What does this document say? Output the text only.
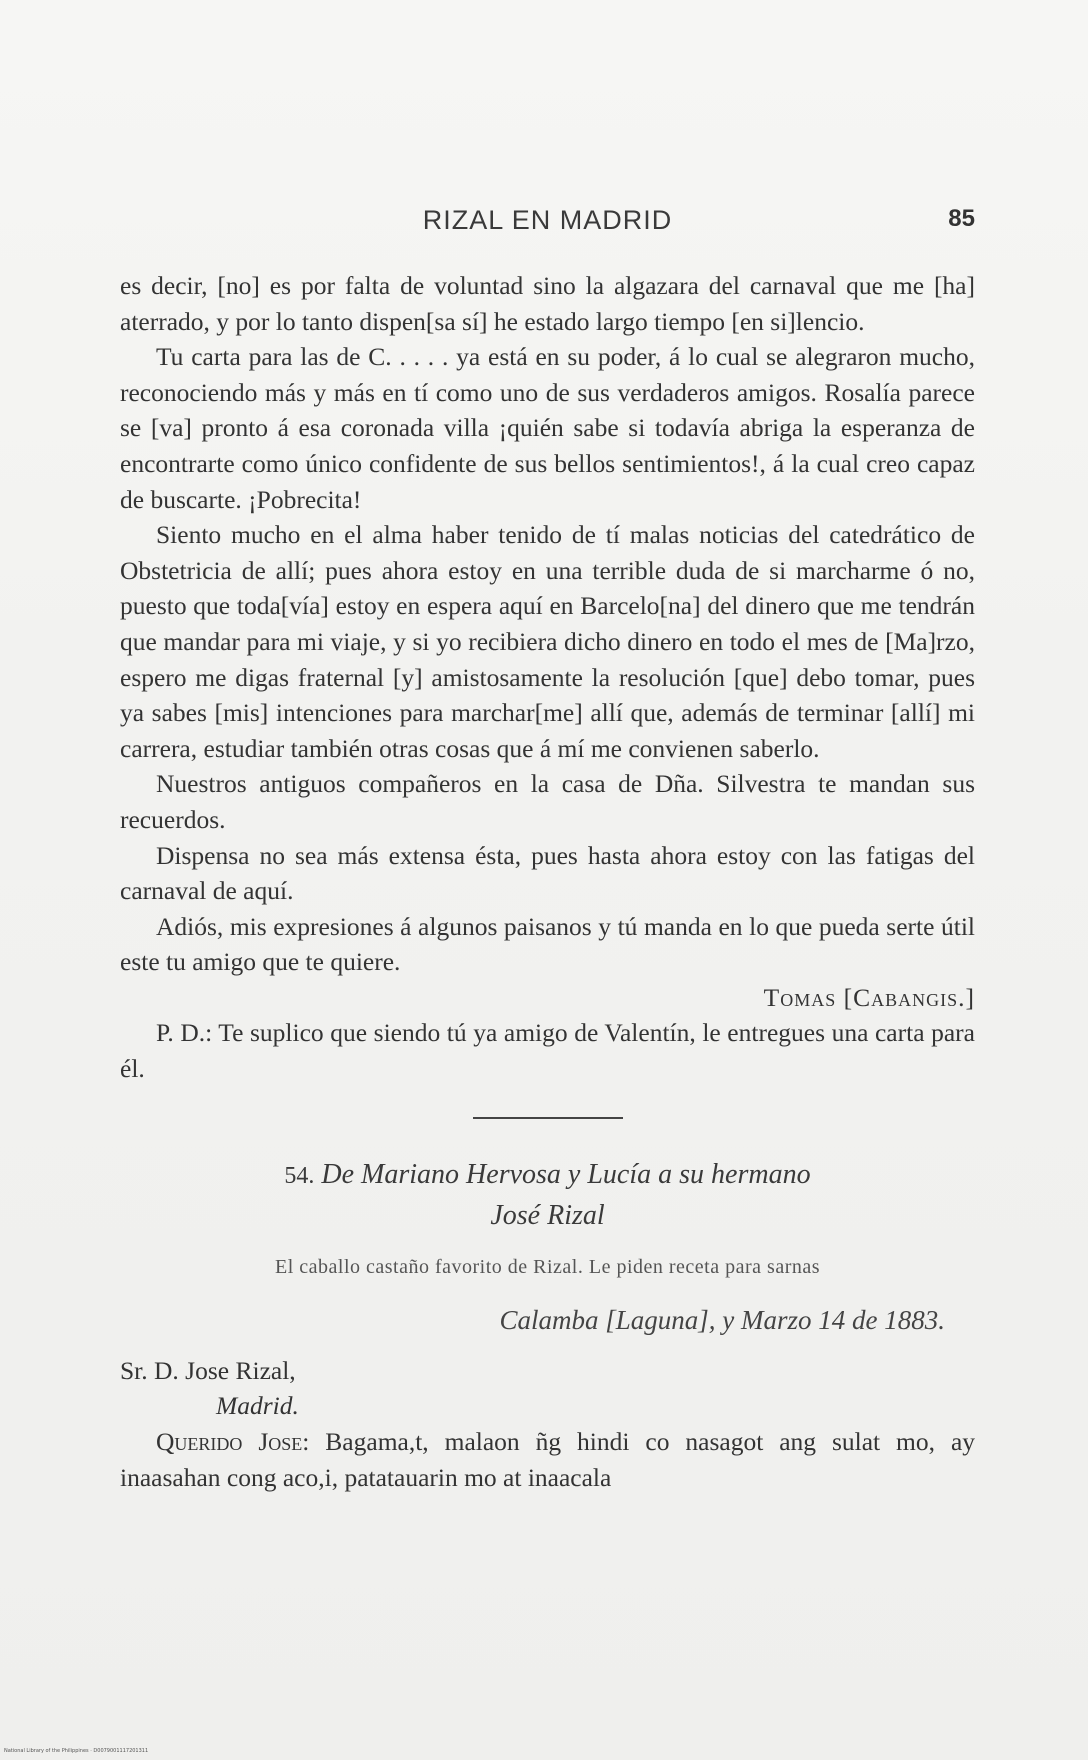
RIZAL EN MADRID	85

es decir, [no] es por falta de voluntad sino la algazara del carnaval que me [ha] aterrado, y por lo tanto dispen[sa sí] he estado largo tiempo [en si]lencio.

Tu carta para las de C. . . . . ya está en su poder, á lo cual se alegraron mucho, reconociendo más y más en tí como uno de sus verdaderos amigos. Rosalía parece se [va] pronto á esa coronada villa ¡quién sabe si todavía abriga la esperanza de encontrarte como único confidente de sus bellos sentimientos!, á la cual creo capaz de buscarte. ¡Pobrecita!

Siento mucho en el alma haber tenido de tí malas noticias del catedrático de Obstetricia de allí; pues ahora estoy en una terrible duda de si marcharme ó no, puesto que toda[vía] estoy en espera aquí en Barcelo[na] del dinero que me tendrán que mandar para mi viaje, y si yo recibiera dicho dinero en todo el mes de [Ma]rzo, espero me digas fraternal [y] amistosamente la resolución [que] debo tomar, pues ya sabes [mis] intenciones para marchar[me] allí que, además de terminar [allí] mi carrera, estudiar también otras cosas que á mí me convienen saberlo.

Nuestros antiguos compañeros en la casa de Dña. Silvestra te mandan sus recuerdos.

Dispensa no sea más extensa ésta, pues hasta ahora estoy con las fatigas del carnaval de aquí.

Adiós, mis expresiones á algunos paisanos y tú manda en lo que pueda serte útil este tu amigo que te quiere.

Tomas [Cabangis.]

P. D.: Te suplico que siendo tú ya amigo de Valentín, le entregues una carta para él.

54. De Mariano Hervosa y Lucía a su hermano
José Rizal

El caballo castaño favorito de Rizal. Le piden receta para sarnas

Calamba [Laguna], y Marzo 14 de 1883.

Sr. D. Jose Rizal,
Madrid.

Querido Jose: Bagama,t, malaon ñg hindi co nasagot ang sulat mo, ay inaasahan cong aco,i, patatauarin mo at inaacala

National Library of the Philippines · D0079001117201311
